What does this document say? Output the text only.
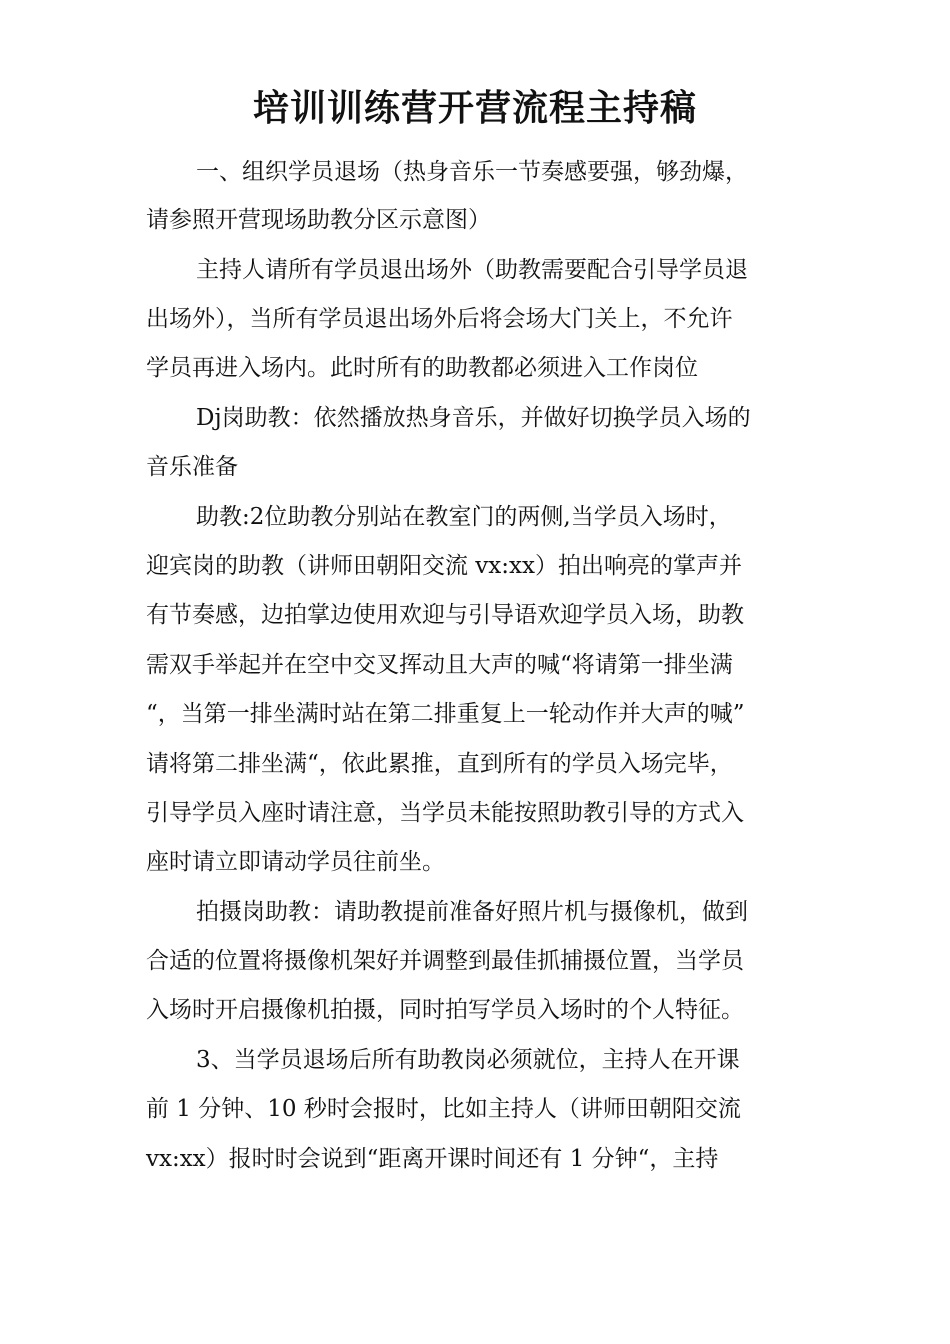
培训训练营开营流程主持稿
一、组织学员退场（热身音乐一节奏感要强，够劲爆，
请参照开营现场助教分区示意图）
主持人请所有学员退出场外（助教需要配合引导学员退
出场外），当所有学员退出场外后将会场大门关上，不允许
学员再进入场内。此时所有的助教都必须进入工作岗位
Dj岗助教：依然播放热身音乐，并做好切换学员入场的
音乐准备
助教:2位助教分别站在教室门的两侧,当学员入场时，
迎宾岗的助教（讲师田朝阳交流 vx:xx）拍出响亮的掌声并
有节奏感，边拍掌边使用欢迎与引导语欢迎学员入场，助教
需双手举起并在空中交叉挥动且大声的喊“将请第一排坐满
“，当第一排坐满时站在第二排重复上一轮动作并大声的喊”
请将第二排坐满“，依此累推，直到所有的学员入场完毕，
引导学员入座时请注意，当学员未能按照助教引导的方式入
座时请立即请动学员往前坐。
拍摄岗助教：请助教提前准备好照片机与摄像机，做到
合适的位置将摄像机架好并调整到最佳抓捕摄位置，当学员
入场时开启摄像机拍摄，同时拍写学员入场时的个人特征。
3、当学员退场后所有助教岗必须就位，主持人在开课
前 1 分钟、10 秒时会报时，比如主持人（讲师田朝阳交流
vx:xx）报时时会说到“距离开课时间还有 1 分钟“，主持
